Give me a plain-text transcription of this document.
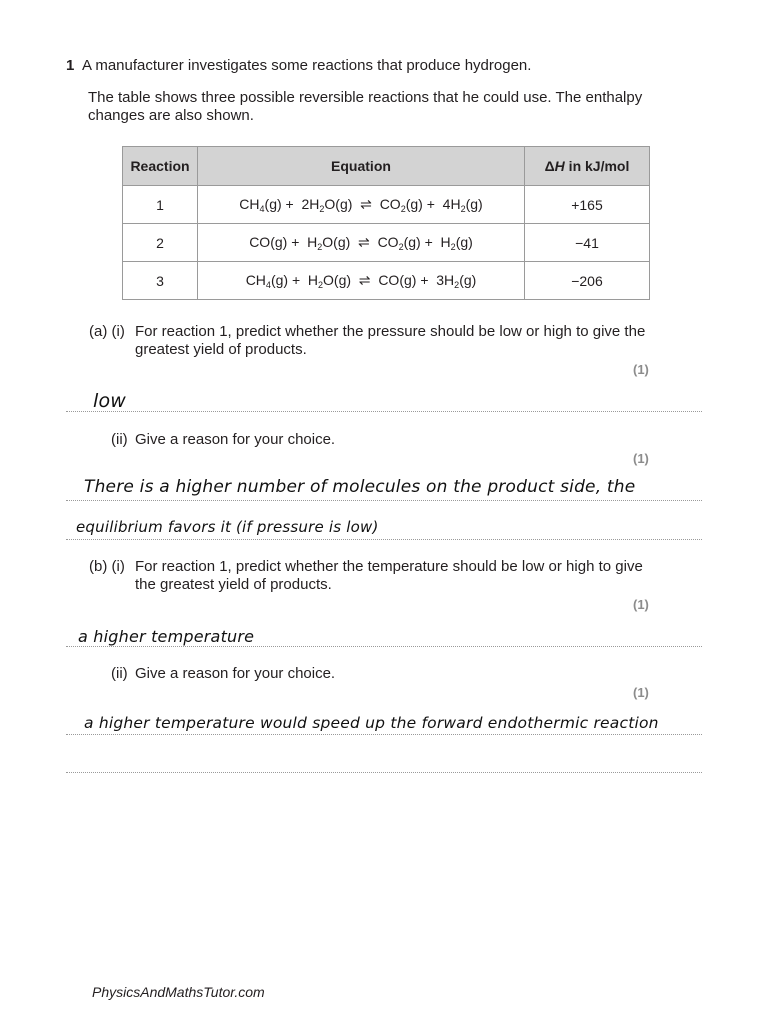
1 A manufacturer investigates some reactions that produce hydrogen.
The table shows three possible reversible reactions that he could use. The enthalpy changes are also shown.
Reaction	Equation	ΔH in kJ/mol
1	$CH_4(g) + 2H_2O(g)$  ⇌  $CO_2(g) + 4H_2(g)$	+165
2	$CO(g) + H_2O(g)$  ⇌  $CO_2(g) + H_2(g)$	−41
3	$CH_4(g) + H_2O(g)$  ⇌  $CO(g) + 3H_2(g)$	−206
(a) (i) For reaction 1, predict whether the pressure should be low or high to give the greatest yield of products.
(1)
low
(ii) Give a reason for your choice.
(1)
There is a higher number of molecules on the product side, the
equilibrium favors it (if pressure is low)
(b) (i) For reaction 1, predict whether the temperature should be low or high to give the greatest yield of products.
(1)
a higher temperature
(ii) Give a reason for your choice.
(1)
a higher temperature would speed up the forward endothermic reaction
PhysicsAndMathsTutor.com
